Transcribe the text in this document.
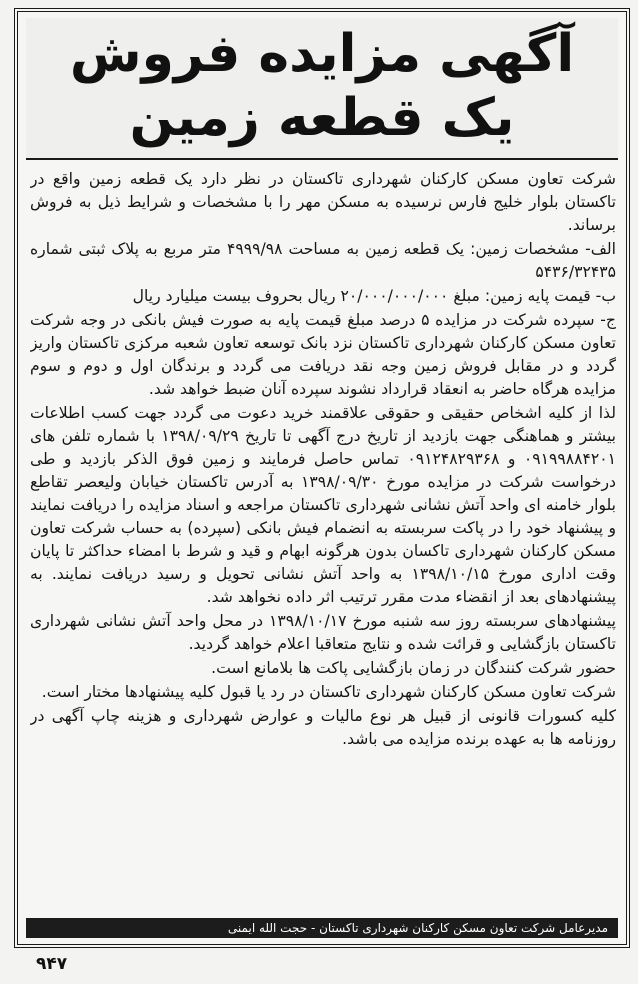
آگهی مزایده فروش
یک قطعه زمین

شرکت تعاون مسکن کارکنان شهرداری تاکستان در نظر دارد یک قطعه زمین واقع در تاکستان بلوار خلیج فارس نرسیده به مسکن مهر را با مشخصات و شرایط ذیل به فروش برساند.

الف- مشخصات زمین: یک قطعه زمین به مساحت ۴۹۹۹/۹۸ متر مربع به پلاک ثبتی شماره ۵۴۳۶/۳۲۴۳۵

ب- قیمت پایه زمین: مبلغ ۲۰/۰۰۰/۰۰۰/۰۰۰ ریال بحروف بیست میلیارد ریال

ج- سپرده شرکت در مزایده ۵ درصد مبلغ قیمت پایه به صورت فیش بانکی در وجه شرکت تعاون مسکن کارکنان شهرداری تاکستان نزد بانک توسعه تعاون شعبه مرکزی تاکستان واریز گردد و در مقابل فروش زمین وجه نقد دریافت می گردد و برندگان اول و دوم و سوم مزایده هرگاه حاضر به انعقاد قرارداد نشوند سپرده آنان ضبط خواهد شد.

لذا از کلیه اشخاص حقیقی و حقوقی علاقمند خرید دعوت می گردد جهت کسب اطلاعات بیشتر و هماهنگی جهت بازدید از تاریخ درج آگهی تا تاریخ ۱۳۹۸/۰۹/۲۹ با شماره تلفن های ۰۹۱۹۹۸۸۴۲۰۱ و ۰۹۱۲۴۸۲۹۳۶۸ تماس حاصل فرمایند و زمین فوق الذکر بازدید و طی درخواست شرکت در مزایده مورخ ۱۳۹۸/۰۹/۳۰ به آدرس تاکستان خیابان ولیعصر تقاطع بلوار خامنه ای واحد آتش نشانی شهرداری تاکستان مراجعه و اسناد مزایده را دریافت نمایند و پیشنهاد خود را در پاکت سربسته به انضمام فیش بانکی (سپرده) به حساب شرکت تعاون مسکن کارکنان شهرداری تاکسان بدون هرگونه ابهام و قید و شرط با امضاء حداکثر تا پایان وقت اداری مورخ ۱۳۹۸/۱۰/۱۵ به واحد آتش نشانی تحویل و رسید دریافت نمایند. به پیشنهادهای بعد از انقضاء مدت مقرر ترتیب اثر داده نخواهد شد.

پیشنهادهای سربسته روز سه شنبه مورخ ۱۳۹۸/۱۰/۱۷ در محل واحد آتش نشانی شهرداری تاکستان بازگشایی و قرائت شده و نتایج متعاقبا اعلام خواهد گردید.

حضور شرکت کنندگان در زمان بازگشایی پاکت ها بلامانع است.

شرکت تعاون مسکن کارکنان شهرداری تاکستان در رد یا قبول کلیه پیشنهادها مختار است.

کلیه کسورات قانونی از قبیل هر نوع مالیات و عوارض شهرداری و هزینه چاپ آگهی در روزنامه ها به عهده برنده مزایده می باشد.

مدیرعامل شرکت تعاون مسکن کارکنان شهرداری تاکستان - حجت الله ایمنی
۹۴۷
